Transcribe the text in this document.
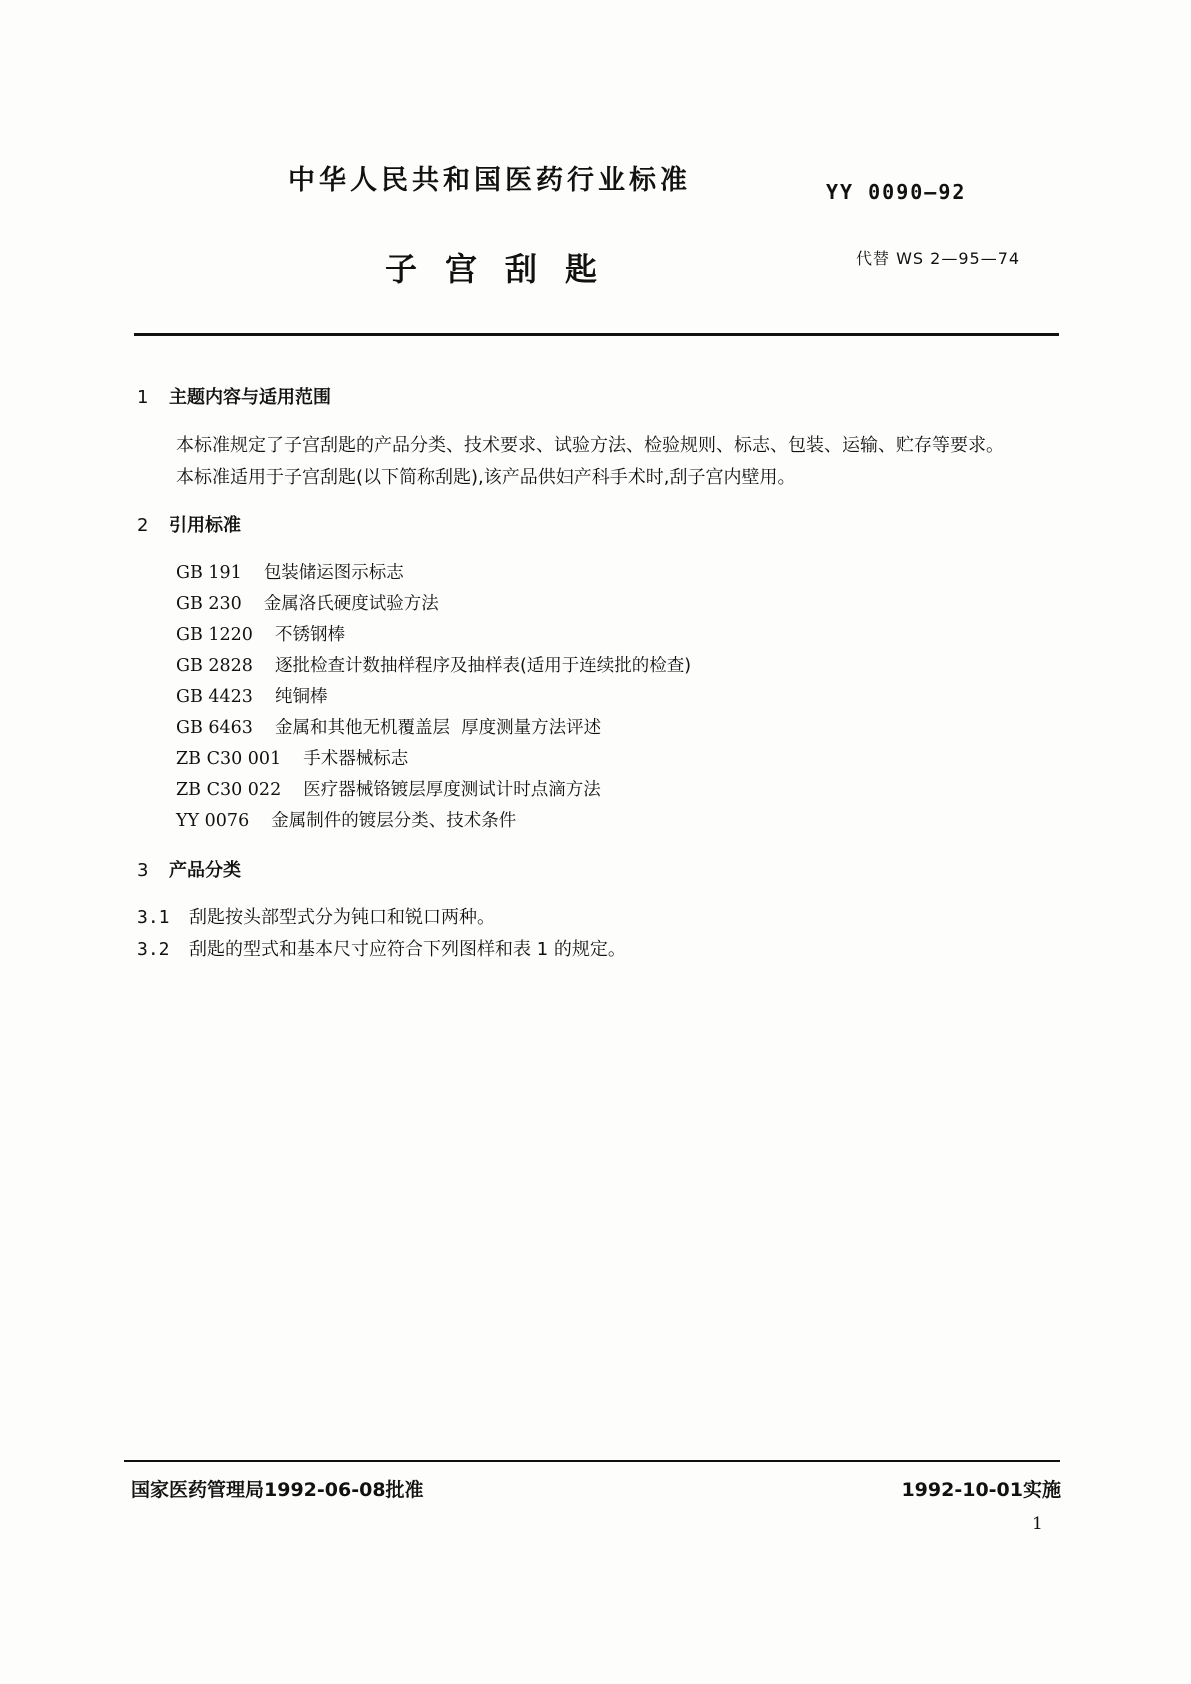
中华人民共和国医药行业标准	YY 0090—92
子宫刮匙	代替 WS 2—95—74
1 主题内容与适用范围
本标准规定了子宫刮匙的产品分类、技术要求、试验方法、检验规则、标志、包装、运输、贮存等要求。
本标准适用于子宫刮匙(以下简称刮匙),该产品供妇产科手术时,刮子宫内壁用。
2 引用标准
GB 191 包装储运图示标志
GB 230 金属洛氏硬度试验方法
GB 1220 不锈钢棒
GB 2828 逐批检查计数抽样程序及抽样表(适用于连续批的检查)
GB 4423 纯铜棒
GB 6463 金属和其他无机覆盖层  厚度测量方法评述
ZB C30 001 手术器械标志
ZB C30 022 医疗器械铬镀层厚度测试计时点滴方法
YY 0076 金属制件的镀层分类、技术条件
3 产品分类
3.1 刮匙按头部型式分为钝口和锐口两种。
3.2 刮匙的型式和基本尺寸应符合下列图样和表 1 的规定。
国家医药管理局1992-06-08批准	1992-10-01实施
1
